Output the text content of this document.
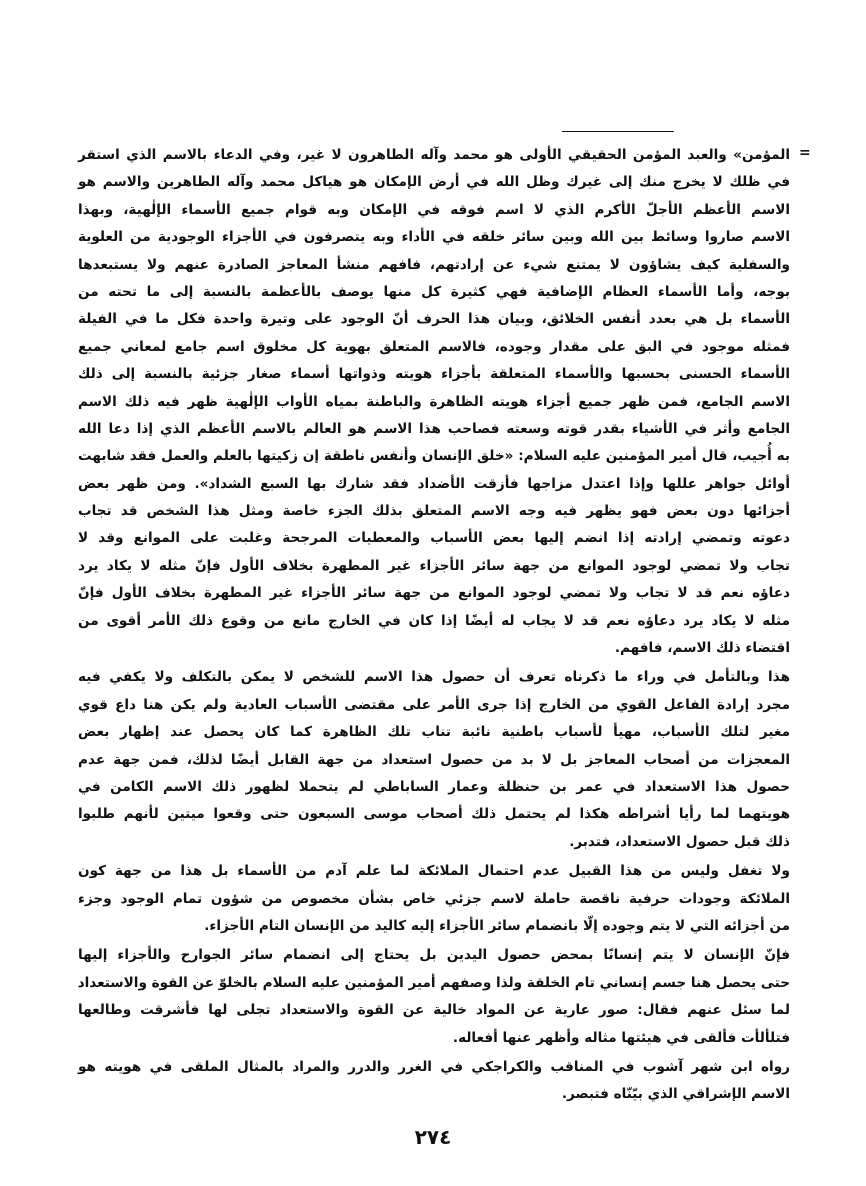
=
المؤمن» والعبد المؤمن الحقيقي الأولى هو محمد وآله الطاهرون لا غير، وفي الدعاء بالاسم الذي استقر
في ظلك لا يخرج منك إلى غيرك وظل الله في أرض الإمكان هو هياكل محمد وآله الطاهرين والاسم هو
الاسم الأعظم الأجلّ الأكرم الذي لا اسم فوقه في الإمكان وبه قوام جميع الأسماء الإلٰهية، وبهذا
الاسم صاروا وسائط بين الله وبين سائر خلقه في الأداء وبه يتصرفون في الأجزاء الوجودية من العلوية
والسفلية كيف يشاؤون لا يمتنع شيء عن إرادتهم، فافهم منشأ المعاجز الصادرة عنهم ولا يستبعدها
بوجه، وأما الأسماء العظام الإضافية فهي كثيرة كل منها يوصف بالأعظمة بالنسبة إلى ما تحته من
الأسماء بل هي بعدد أنفس الخلائق، وبيان هذا الحرف أنّ الوجود على وتيرة واحدة فكل ما في الفيلة
فمثله موجود في البق على مقدار وجوده، فالاسم المتعلق بهوية كل مخلوق اسم جامع لمعاني جميع
الأسماء الحسنى بحسبها والأسماء المتعلقة بأجزاء هويته وذواتها أسماء صغار جزئية بالنسبة إلى ذلك
الاسم الجامع، فمن ظهر جميع أجزاء هويته الظاهرة والباطنة بمياه الأواب الإلٰهية ظهر فيه ذلك الاسم
الجامع وأثر في الأشياء بقدر قوته وسعته فصاحب هذا الاسم هو العالم بالاسم الأعظم الذي إذا دعا الله
به أُجيب، قال أمير المؤمنين عليه السلام: «خلق الإنسان وأنفس ناطقة إن زكيتها بالعلم والعمل فقد شابهت
أوائل جواهر عللها وإذا اعتدل مزاجها فأزقت الأضداد فقد شارك بها السبع الشداد». ومن ظهر بعض
أجزائها دون بعض فهو يظهر فيه وجه الاسم المتعلق بذلك الجزء خاصة ومثل هذا الشخص قد تجاب
دعوته وتمضي إرادته إذا انضم إليها بعض الأسباب والمعطيات المرجحة وغلبت على الموانع وقد لا
تجاب ولا تمضي لوجود الموانع من جهة سائر الأجزاء غير المطهرة بخلاف الأول فإنّ مثله لا يكاد يرد
دعاؤه نعم قد لا تجاب ولا تمضي لوجود الموانع من جهة سائر الأجزاء غير المطهرة بخلاف الأول فإنّ
مثله لا يكاد يرد دعاؤه نعم قد لا يجاب له أيضًا إذا كان في الخارج مانع من وقوع ذلك الأمر أقوى من
اقتضاء ذلك الاسم، فافهم.
هذا وبالتأمل في وراء ما ذكرناه تعرف أن حصول هذا الاسم للشخص لا يمكن بالتكلف ولا يكفي فيه
مجرد إرادة الفاعل القوي من الخارج إذا جرى الأمر على مقتضى الأسباب العادية ولم يكن هنا داع قوي
مغير لتلك الأسباب، مهيأ لأسباب باطنية نائبة تناب تلك الظاهرة كما كان يحصل عند إظهار بعض
المعجزات من أصحاب المعاجز بل لا بد من حصول استعداد من جهة القابل أيضًا لذلك، فمن جهة عدم
حصول هذا الاستعداد في عمر بن حنظلة وعمار الساباطي لم يتحملا لظهور ذلك الاسم الكامن في
هويتهما لما رأيا أشراطه هكذا لم يحتمل ذلك أصحاب موسى السبعون حتى وقعوا ميتين لأنهم طلبوا
ذلك قبل حصول الاستعداد، فتدبر.
ولا تغفل وليس من هذا القبيل عدم احتمال الملائكة لما علم آدم من الأسماء بل هذا من جهة كون
الملائكة وجودات حرفية ناقصة حاملة لاسم جزئي خاص بشأن مخصوص من شؤون تمام الوجود وجزء
من أجزائه التي لا يتم وجوده إلّا بانضمام سائر الأجزاء إليه كاليد من الإنسان التام الأجزاء.
فإنّ الإنسان لا يتم إنسانًا بمحض حصول اليدين بل يحتاج إلى انضمام سائر الجوارح والأجزاء إليها
حتى يحصل هنا جسم إنساني تام الخلقة ولذا وصفهم أمير المؤمنين عليه السلام بالخلوّ عن القوة والاستعداد
لما سئل عنهم فقال: صور عارية عن المواد خالية عن القوة والاستعداد تجلى لها فأشرقت وطالعها
فتلألأت فألقى في هيئتها مثاله وأظهر عنها أفعاله.
رواه ابن شهر آشوب في المناقب والكراجكي في الغرر والدرر والمراد بالمثال الملقى في هويته هو
الاسم الإشراقي الذي بيّنّاه فتبصر.
٢٧٤
